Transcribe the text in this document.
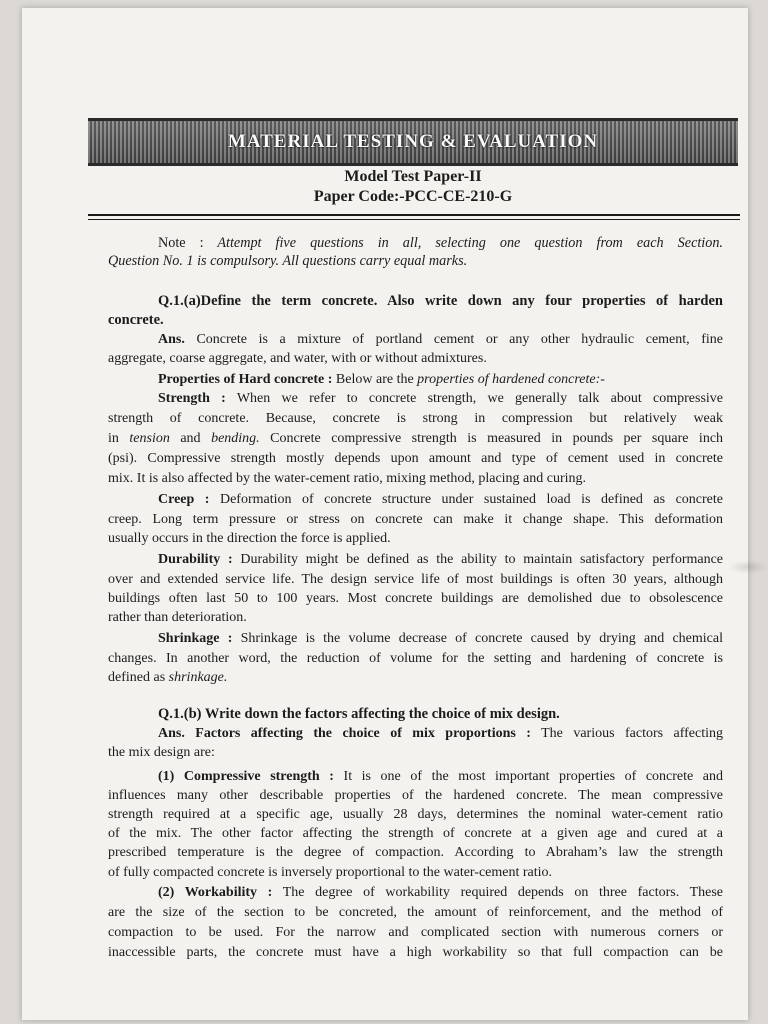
MATERIAL TESTING & EVALUATION
Model Test Paper-II
Paper Code:-PCC-CE-210-G
Note : Attempt five questions in all, selecting one question from each Section.
Question No. 1 is compulsory. All questions carry equal marks.
Q.1.(a)Define the term concrete. Also write down any four properties of harden
concrete.
Ans. Concrete is a mixture of portland cement or any other hydraulic cement, fine
aggregate, coarse aggregate, and water, with or without admixtures.
Properties of Hard concrete : Below are the properties of hardened concrete:-
Strength : When we refer to concrete strength, we generally talk about compressive
strength of concrete. Because, concrete is strong in compression but relatively weak
in tension and bending. Concrete compressive strength is measured in pounds per square inch
(psi). Compressive strength mostly depends upon amount and type of cement used in concrete
mix. It is also affected by the water-cement ratio, mixing method, placing and curing.
Creep : Deformation of concrete structure under sustained load is defined as concrete
creep. Long term pressure or stress on concrete can make it change shape. This deformation
usually occurs in the direction the force is applied.
Durability : Durability might be defined as the ability to maintain satisfactory performance
over and extended service life. The design service life of most buildings is often 30 years, although
buildings often last 50 to 100 years. Most concrete buildings are demolished due to obsolescence
rather than deterioration.
Shrinkage : Shrinkage is the volume decrease of concrete caused by drying and chemical
changes. In another word, the reduction of volume for the setting and hardening of concrete is
defined as shrinkage.
Q.1.(b) Write down the factors affecting the choice of mix design.
Ans. Factors affecting the choice of mix proportions : The various factors affecting
the mix design are:
(1) Compressive strength : It is one of the most important properties of concrete and
influences many other describable properties of the hardened concrete. The mean compressive
strength required at a specific age, usually 28 days, determines the nominal water-cement ratio
of the mix. The other factor affecting the strength of concrete at a given age and cured at a
prescribed temperature is the degree of compaction. According to Abraham’s law the strength
of fully compacted concrete is inversely proportional to the water-cement ratio.
(2) Workability : The degree of workability required depends on three factors. These
are the size of the section to be concreted, the amount of reinforcement, and the method of
compaction to be used. For the narrow and complicated section with numerous corners or
inaccessible parts, the concrete must have a high workability so that full compaction can be
